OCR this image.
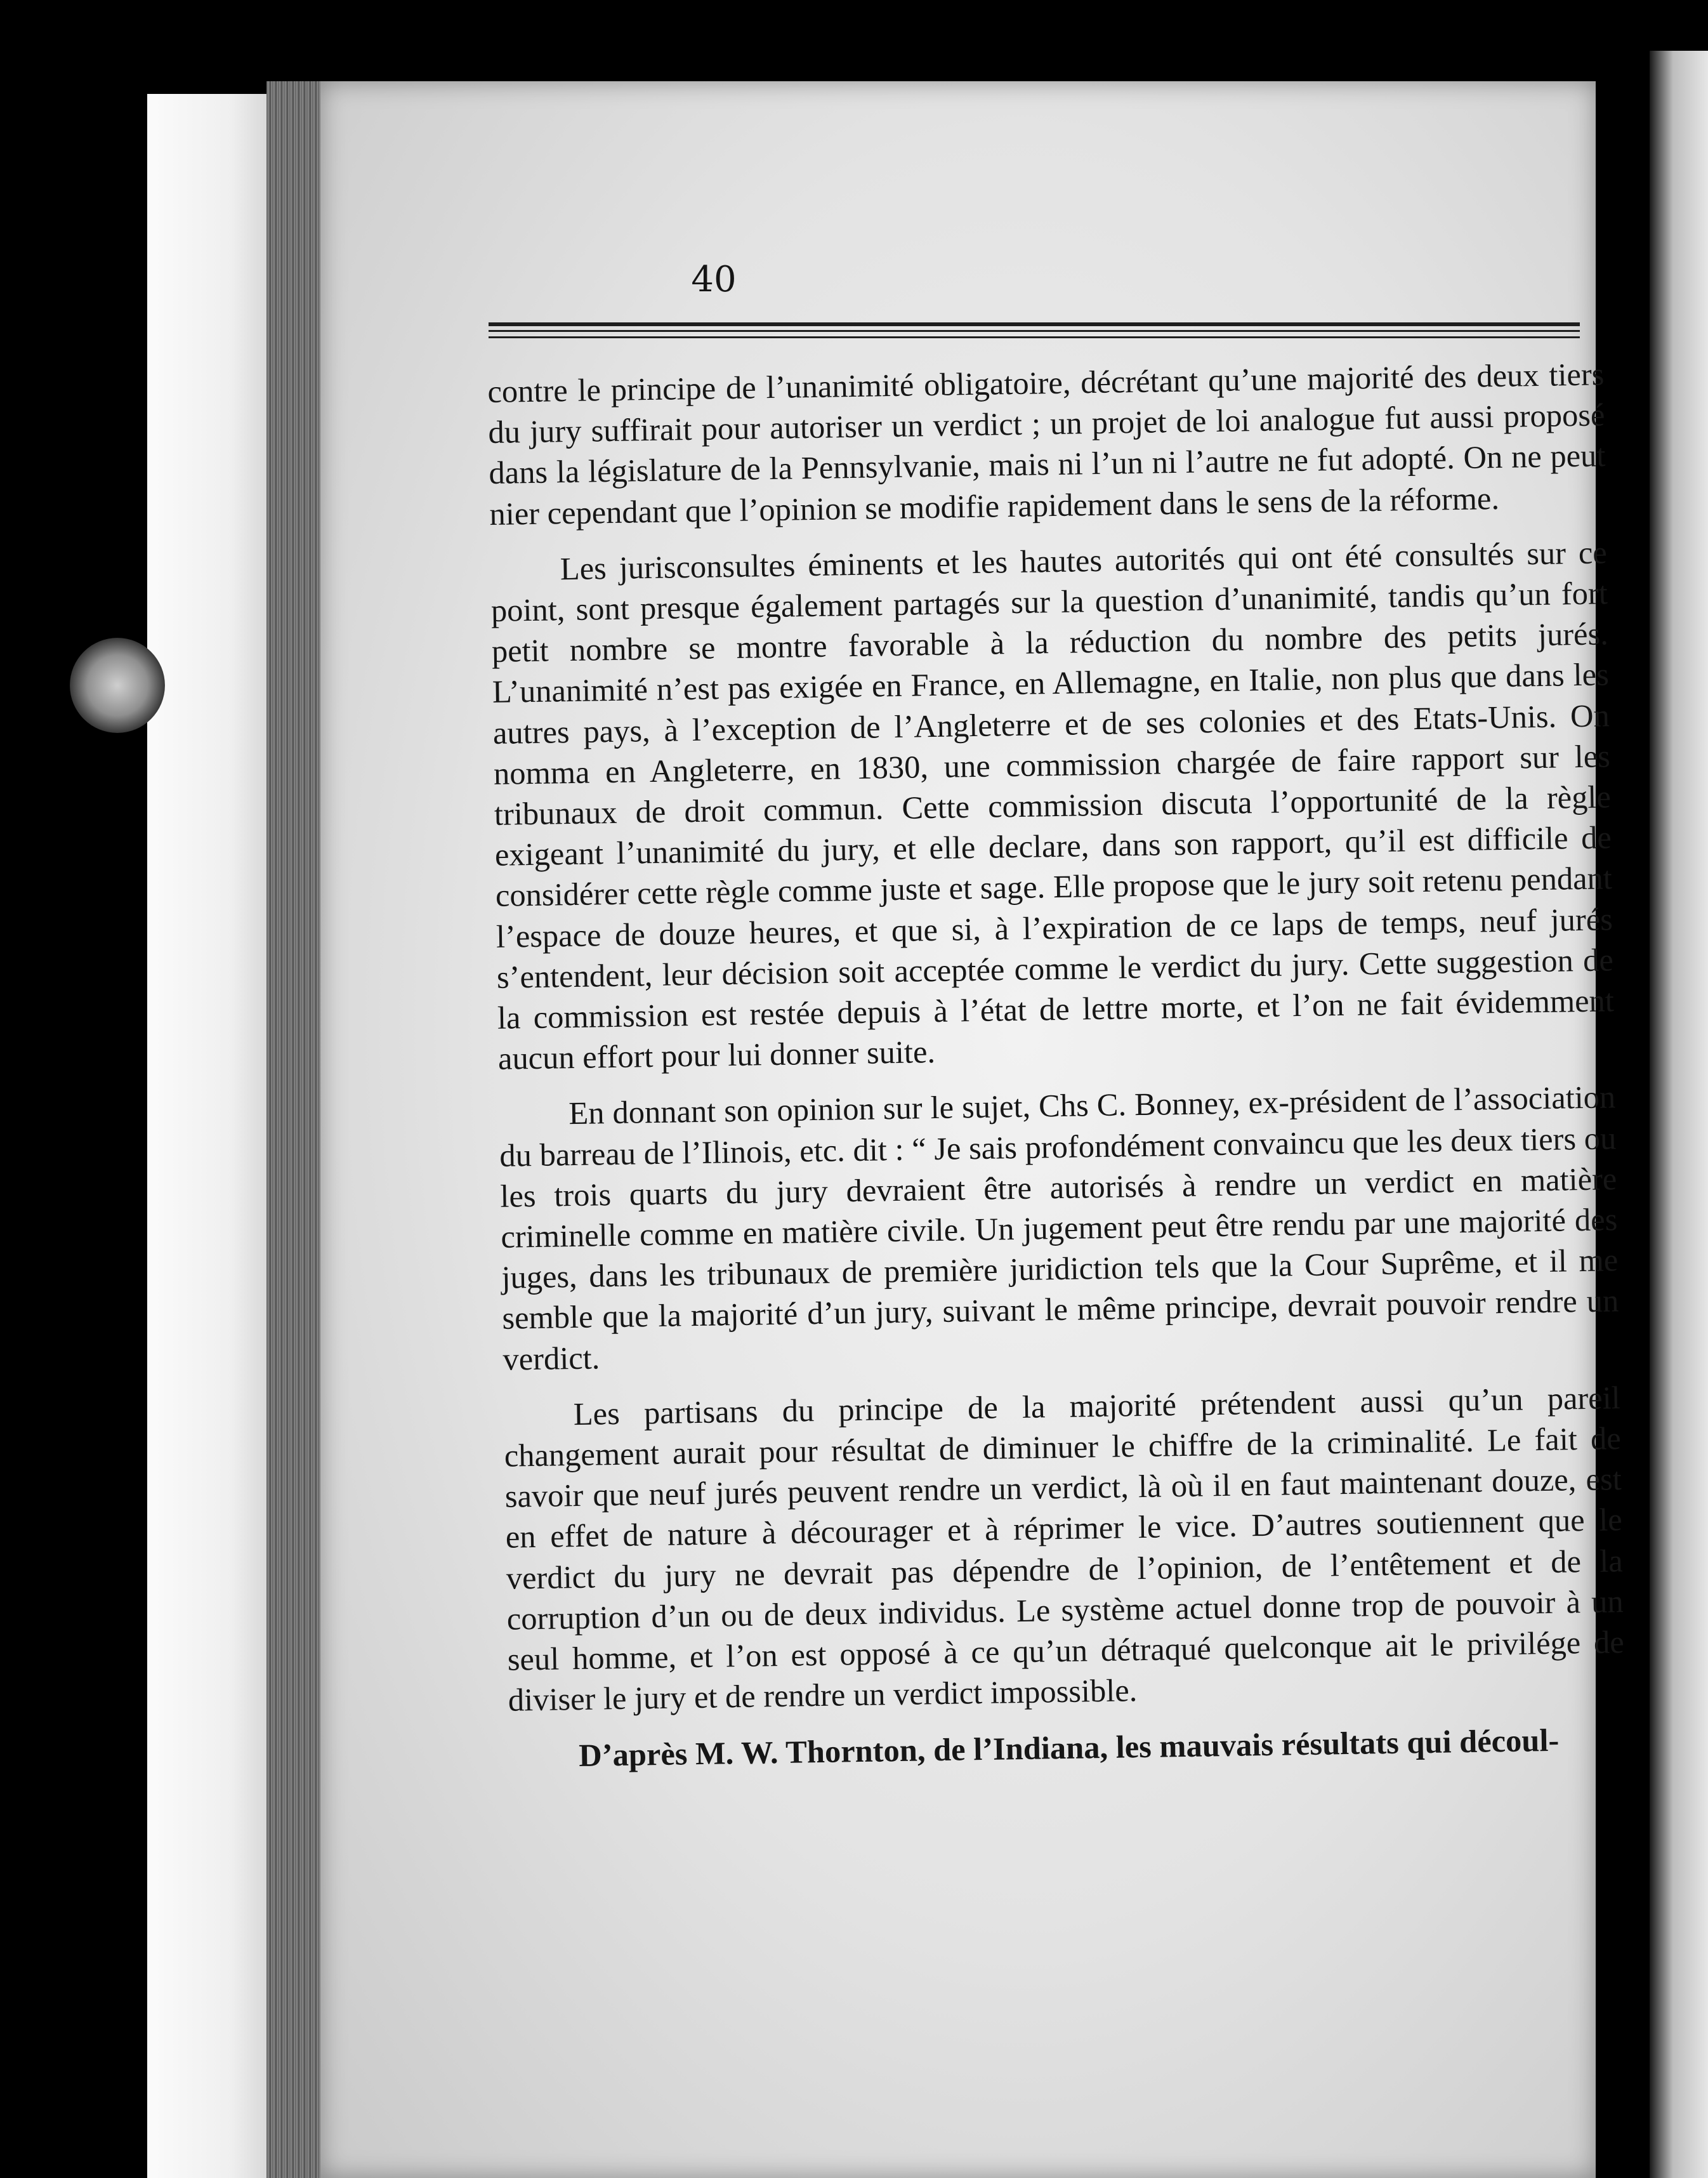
40

contre le principe de l’unanimité obligatoire, décrétant qu’une majorité des deux tiers du jury suffirait pour autoriser un verdict ; un projet de loi analogue fut aussi proposé dans la législature de la Pennsylvanie, mais ni l’un ni l’autre ne fut adopté. On ne peut nier cependant que l’opinion se modifie rapidement dans le sens de la réforme.

Les jurisconsultes éminents et les hautes autorités qui ont été consultés sur ce point, sont presque également partagés sur la question d’unanimité, tandis qu’un fort petit nombre se montre favorable à la réduction du nombre des petits jurés. L’unanimité n’est pas exigée en France, en Allemagne, en Italie, non plus que dans les autres pays, à l’exception de l’Angleterre et de ses colonies et des Etats-Unis. On nomma en Angleterre, en 1830, une commission chargée de faire rapport sur les tribunaux de droit commun. Cette commission discuta l’opportunité de la règle exigeant l’unanimité du jury, et elle declare, dans son rapport, qu’il est difficile de considérer cette règle comme juste et sage. Elle propose que le jury soit retenu pendant l’espace de douze heures, et que si, à l’expiration de ce laps de temps, neuf jurés s’entendent, leur décision soit acceptée comme le verdict du jury. Cette suggestion de la commission est restée depuis à l’état de lettre morte, et l’on ne fait évidemment aucun effort pour lui donner suite.

En donnant son opinion sur le sujet, Chs C. Bonney, ex-président de l’association du barreau de l’Ilinois, etc. dit : “ Je sais profondément convaincu que les deux tiers ou les trois quarts du jury devraient être autorisés à rendre un verdict en matière criminelle comme en matière civile. Un jugement peut être rendu par une majorité des juges, dans les tribunaux de première juridiction tels que la Cour Suprême, et il me semble que la majorité d’un jury, suivant le même principe, devrait pouvoir rendre un verdict.

Les partisans du principe de la majorité prétendent aussi qu’un pareil changement aurait pour résultat de diminuer le chiffre de la criminalité. Le fait de savoir que neuf jurés peuvent rendre un verdict, là où il en faut maintenant douze, est en effet de nature à décourager et à réprimer le vice. D’autres soutiennent que le verdict du jury ne devrait pas dépendre de l’opinion, de l’entêtement et de la corruption d’un ou de deux individus. Le système actuel donne trop de pouvoir à un seul homme, et l’on est opposé à ce qu’un détraqué quelconque ait le privilége de diviser le jury et de rendre un verdict impossible.

D’après M. W. Thornton, de l’Indiana, les mauvais résultats qui découl-
